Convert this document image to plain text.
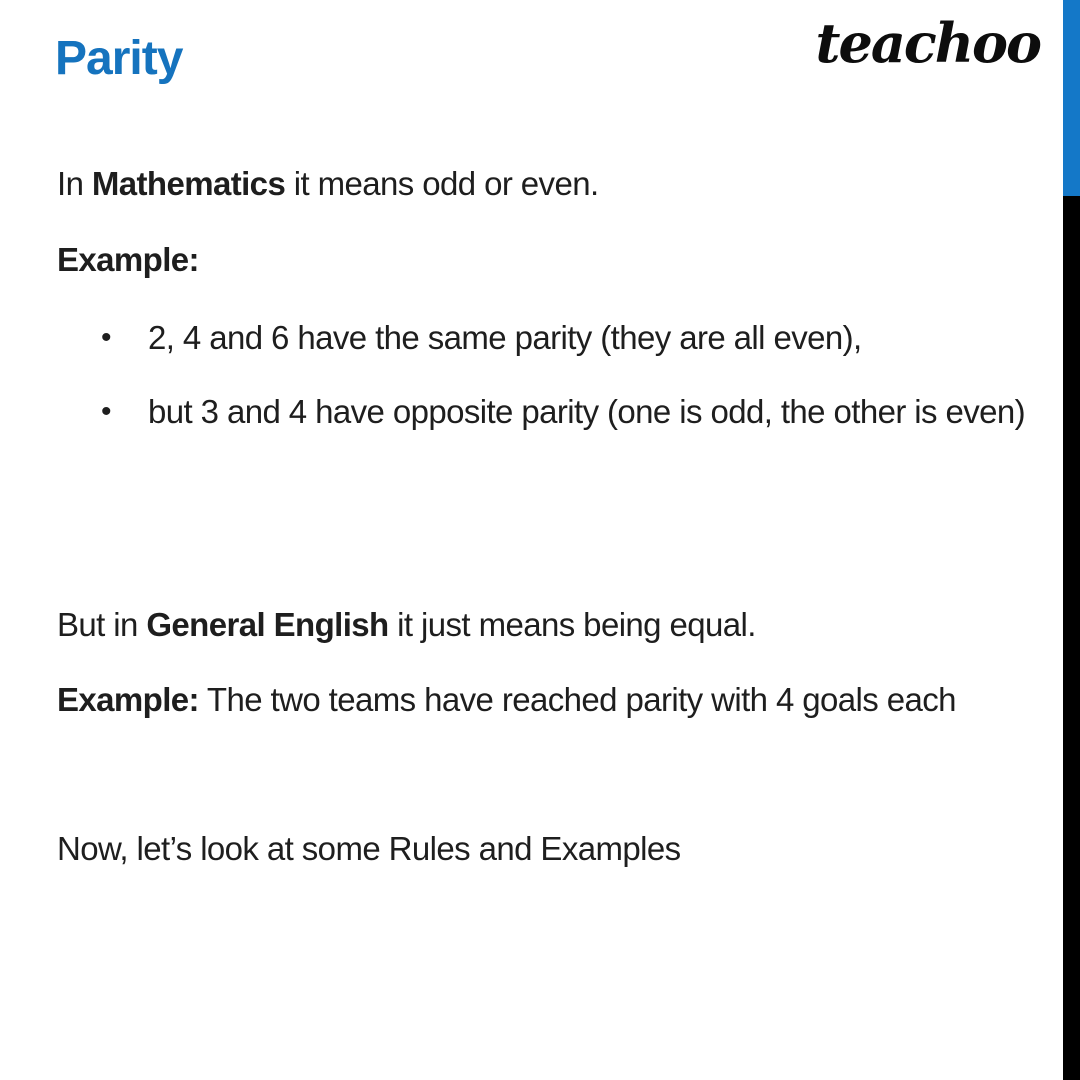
Parity	teachoo

In Mathematics it means odd or even.

Example:

• 2, 4 and 6 have the same parity (they are all even),
• but 3 and 4 have opposite parity (one is odd, the other is even)

But in General English it just means being equal.

Example: The two teams have reached parity with 4 goals each

Now, let’s look at some Rules and Examples
